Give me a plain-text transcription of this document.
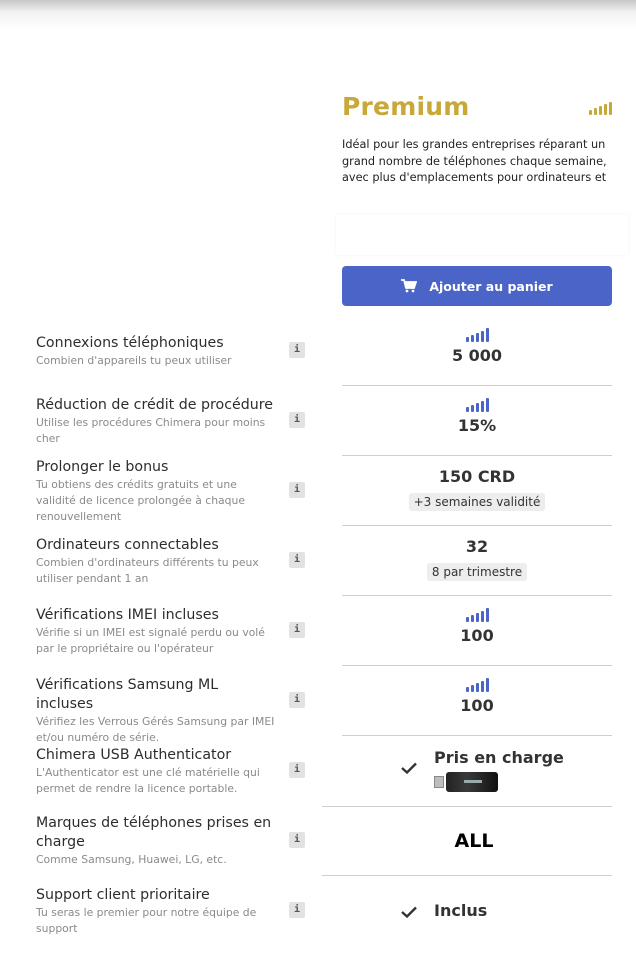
Premium
Idéal pour les grandes entreprises réparant un grand nombre de téléphones chaque semaine, avec plus d'emplacements pour ordinateurs et
Ajouter au panier
Connexions téléphoniques
Combien d'appareils tu peux utiliser
i	5 000
Réduction de crédit de procédure
Utilise les procédures Chimera pour moins cher
i	15%
Prolonger le bonus
Tu obtiens des crédits gratuits et une validité de licence prolongée à chaque renouvellement
i
150 CRD
+3 semaines validité
Ordinateurs connectables
Combien d'ordinateurs différents tu peux utiliser pendant 1 an
i
32
8 par trimestre
Vérifications IMEI incluses
Vérifie si un IMEI est signalé perdu ou volé par le propriétaire ou l'opérateur
i	100
Vérifications Samsung ML incluses
Vérifiez les Verrous Gérés Samsung par IMEI et/ou numéro de série.
i	100
Chimera USB Authenticator
L'Authenticator est une clé matérielle qui permet de rendre la licence portable.
i
Pris en charge
Marques de téléphones prises en charge
Comme Samsung, Huawei, LG, etc.
i	ALL
Support client prioritaire
Tu seras le premier pour notre équipe de support
i	Inclus
